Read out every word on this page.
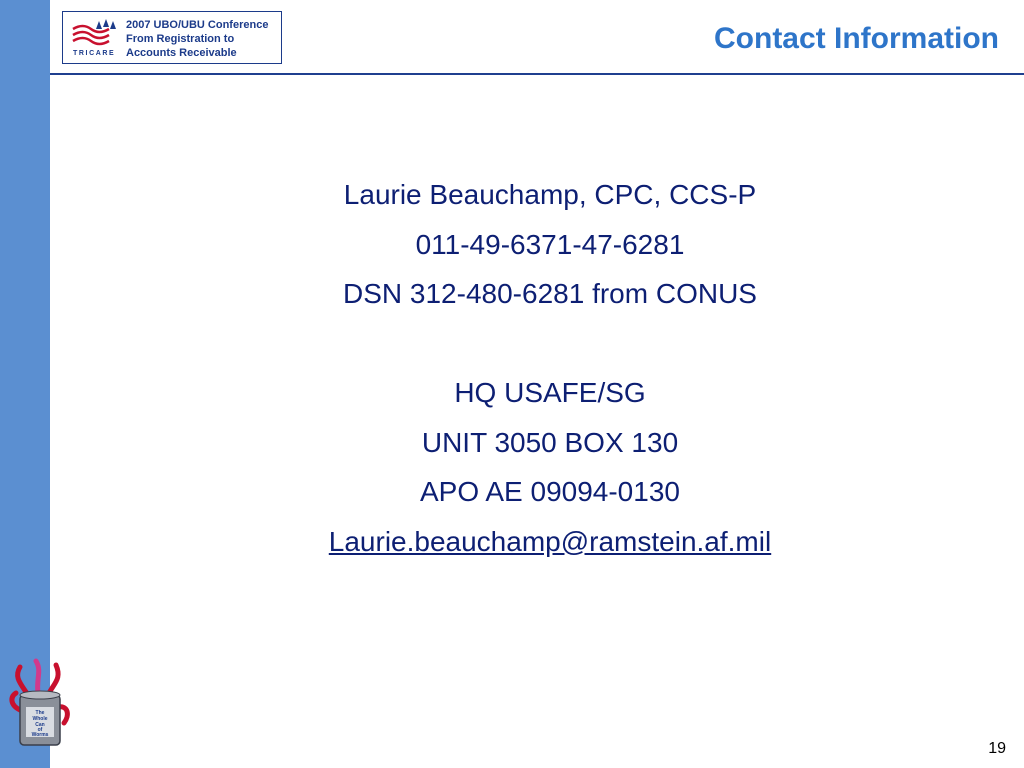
TRICARE
2007 UBO/UBU Conference
From Registration to
Accounts Receivable	Contact Information
Laurie Beauchamp, CPC, CCS-P
011-49-6371-47-6281
DSN 312-480-6281 from CONUS
HQ USAFE/SG
UNIT 3050 BOX 130
APO AE 09094-0130
Laurie.beauchamp@ramstein.af.mil
The
Whole
Can
of
Worms
19
